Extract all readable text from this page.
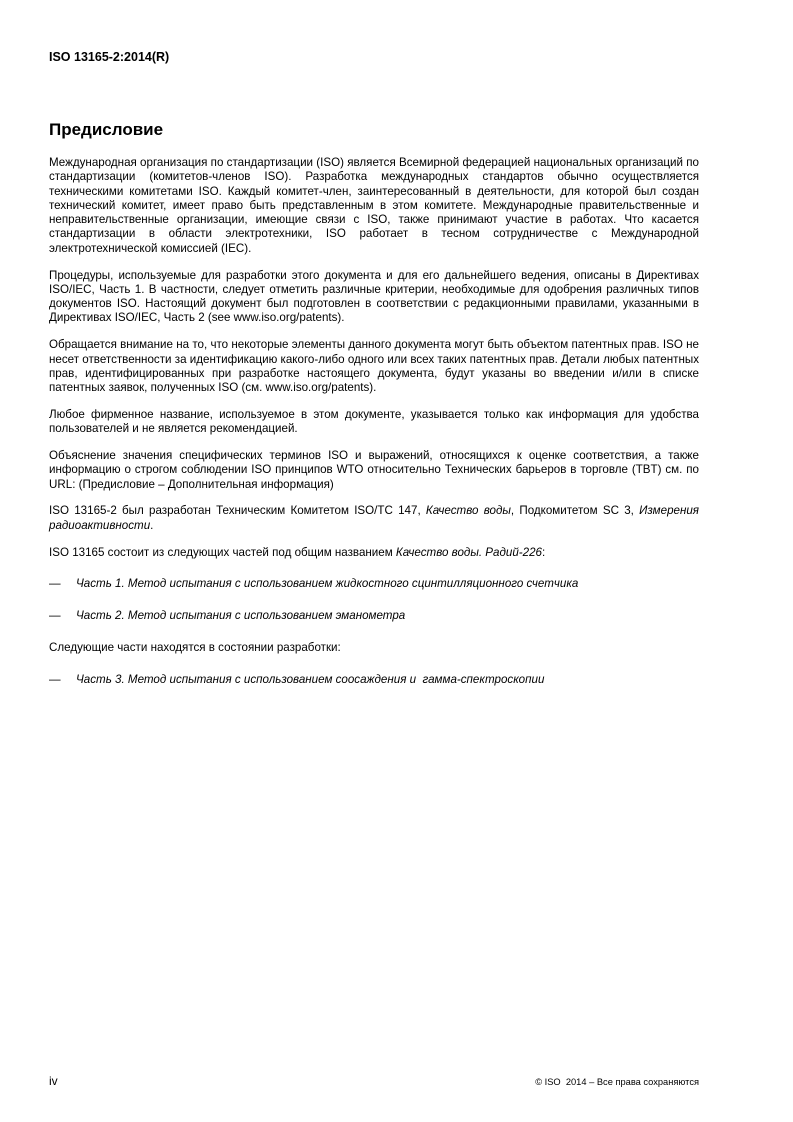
ISO 13165-2:2014(R)
Предисловие

Международная организация по стандартизации (ISO) является Всемирной федерацией национальных организаций по стандартизации (комитетов-членов ISO). Разработка международных стандартов обычно осуществляется техническими комитетами ISO. Каждый комитет-член, заинтересованный в деятельности, для которой был создан технический комитет, имеет право быть представленным в этом комитете. Международные правительственные и неправительственные организации, имеющие связи с ISO, также принимают участие в работах. Что касается стандартизации в области электротехники, ISO работает в тесном сотрудничестве с Международной электротехнической комиссией (IEC).

Процедуры, используемые для разработки этого документа и для его дальнейшего ведения, описаны в Директивах ISO/IEC, Часть 1. В частности, следует отметить различные критерии, необходимые для одобрения различных типов документов ISO. Настоящий документ был подготовлен в соответствии с редакционными правилами, указанными в Директивах ISO/IEC, Часть 2 (see www.iso.org/patents).

Обращается внимание на то, что некоторые элементы данного документа могут быть объектом патентных прав. ISO не несет ответственности за идентификацию какого-либо одного или всех таких патентных прав. Детали любых патентных прав, идентифицированных при разработке настоящего документа, будут указаны во введении и/или в списке патентных заявок, полученных ISO (см. www.iso.org/patents).

Любое фирменное название, используемое в этом документе, указывается только как информация для удобства пользователей и не является рекомендацией.

Объяснение значения специфических терминов ISO и выражений, относящихся к оценке соответствия, а также информацию о строгом соблюдении ISO принципов WTO относительно Технических барьеров в торговле (TBT) см. по URL: (Предисловие – Дополнительная информация)

ISO 13165-2 был разработан Техническим Комитетом ISO/TC 147, Качество воды, Подкомитетом SC 3, Измерения радиоактивности.

ISO 13165 состоит из следующих частей под общим названием Качество воды. Радий-226:

—	Часть 1. Метод испытания с использованием жидкостного сцинтилляционного счетчика
—	Часть 2. Метод испытания с использованием эманометра

Следующие части находятся в состоянии разработки:

—	Часть 3. Метод испытания с использованием соосаждения и  гамма-спектроскопии
iv	© ISO  2014 – Все права сохраняются
